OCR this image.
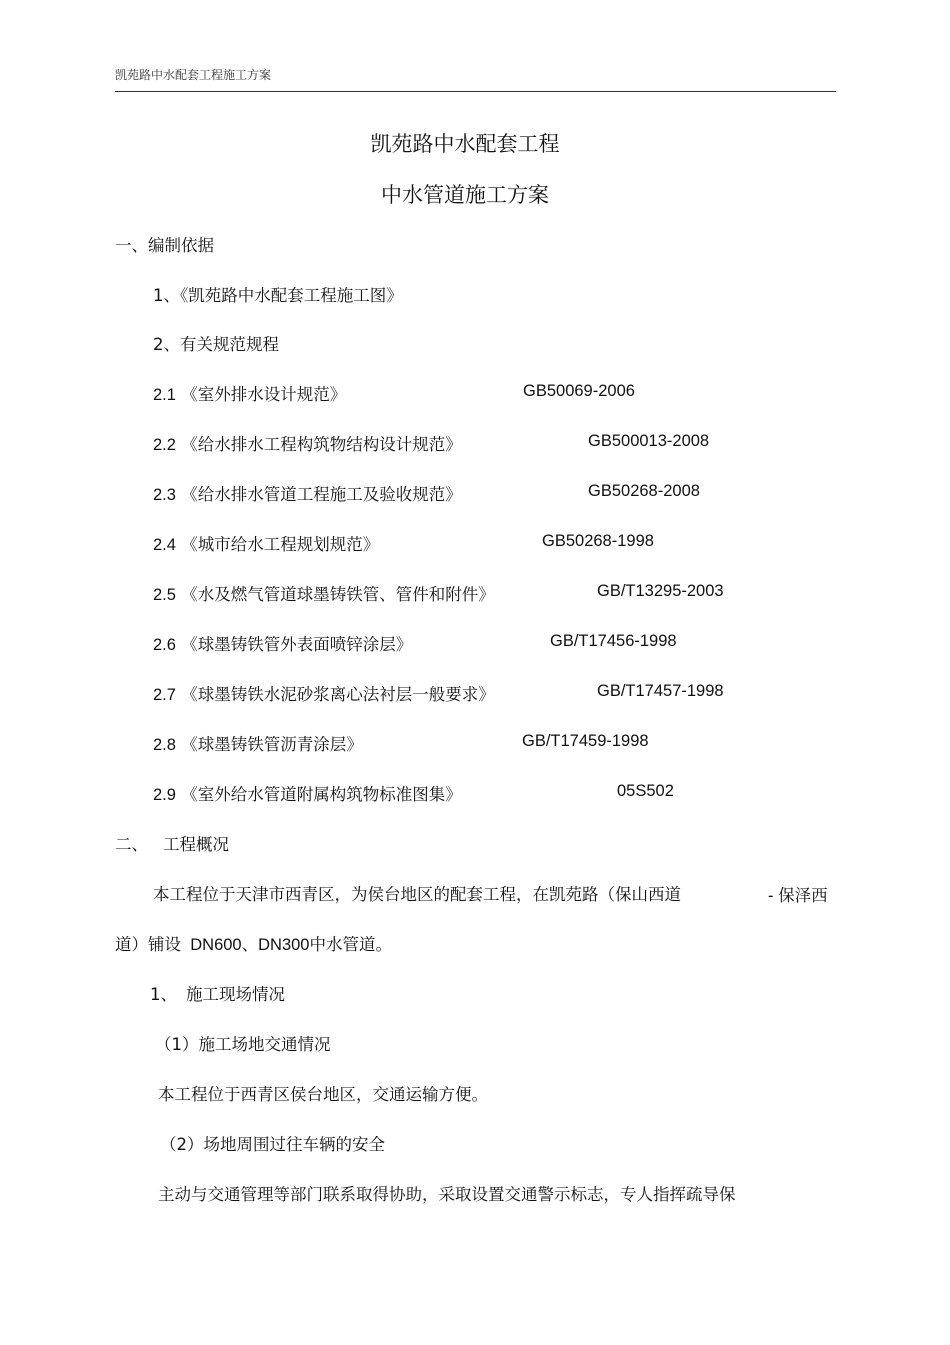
凯苑路中水配套工程施工方案
凯苑路中水配套工程
中水管道施工方案
一、编制依据
1、《凯苑路中水配套工程施工图》
2、有关规范规程
2.1 《室外排水设计规范》	GB50069-2006
2.2 《给水排水工程构筑物结构设计规范》	GB500013-2008
2.3 《给水排水管道工程施工及验收规范》	GB50268-2008
2.4 《城市给水工程规划规范》	GB50268-1998
2.5 《水及燃气管道球墨铸铁管、管件和附件》	GB/T13295-2003
2.6 《球墨铸铁管外表面喷锌涂层》	GB/T17456-1998
2.7 《球墨铸铁水泥砂浆离心法衬层一般要求》	GB/T17457-1998
2.8 《球墨铸铁管沥青涂层》	GB/T17459-1998
2.9 《室外给水管道附属构筑物标准图集》	05S502
二、 工程概况
本工程位于天津市西青区，为侯台地区的配套工程，在凯苑路（保山西道	- 保泽西
道）铺设 DN600、DN300中水管道。
1、 施工现场情况
（1）施工场地交通情况
本工程位于西青区侯台地区，交通运输方便。
（2）场地周围过往车辆的安全
主动与交通管理等部门联系取得协助，采取设置交通警示标志，专人指挥疏导保
